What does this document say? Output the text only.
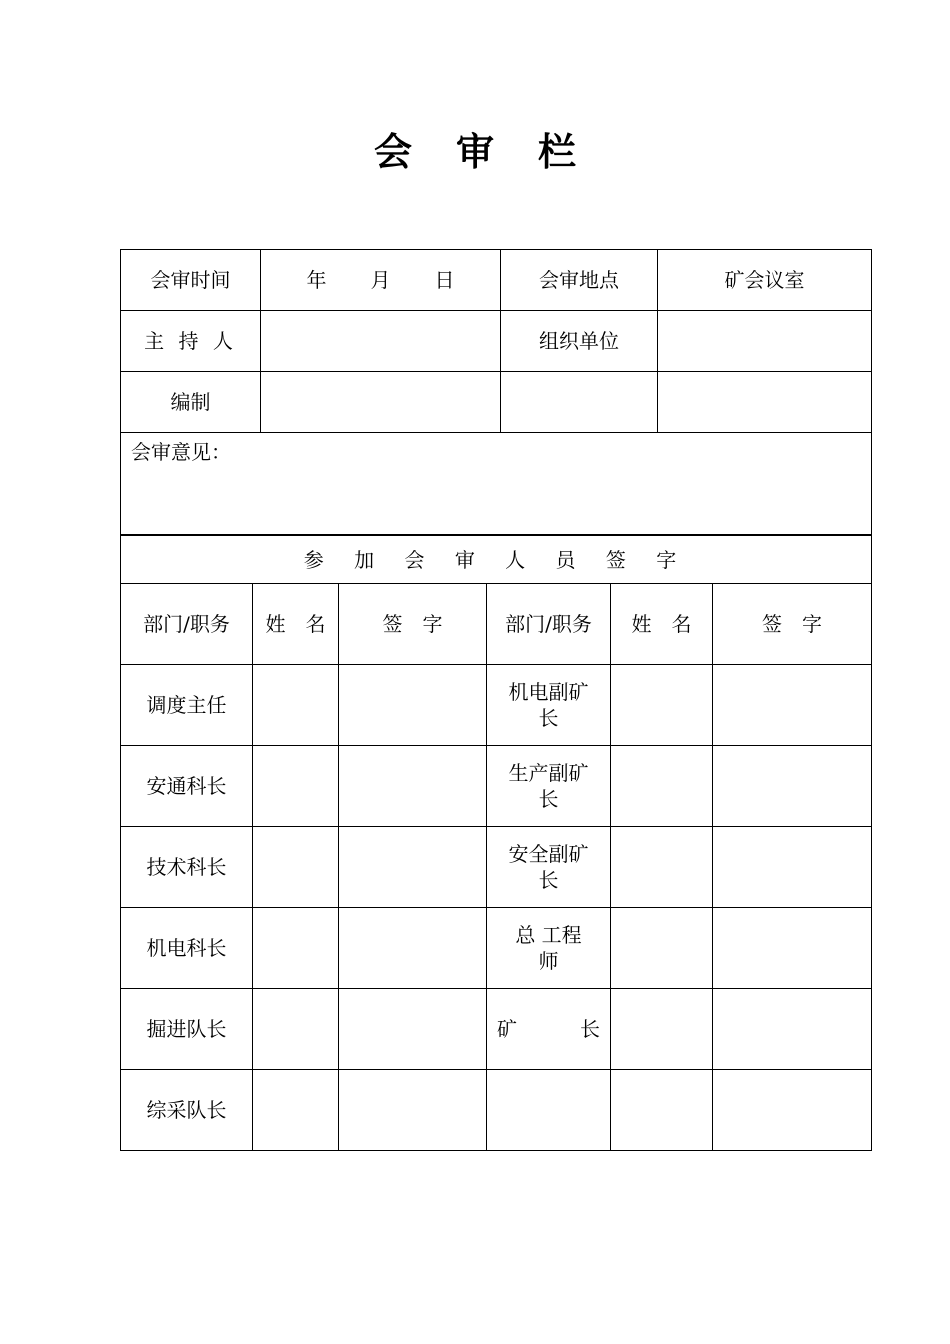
会 审 栏
会审时间	年 月 日	会审地点	矿会议室
主 持 人		组织单位	
编制			
会审意见：			
参 加 会 审 人 员 签 字					
部门/职务	姓　名	签　字	部门/职务	姓　名	签　字
调度主任			机电副矿长		
安通科长			生产副矿长		
技术科长			安全副矿长		
机电科长			总 工程师		
掘进队长			矿 长		

综采队长					
